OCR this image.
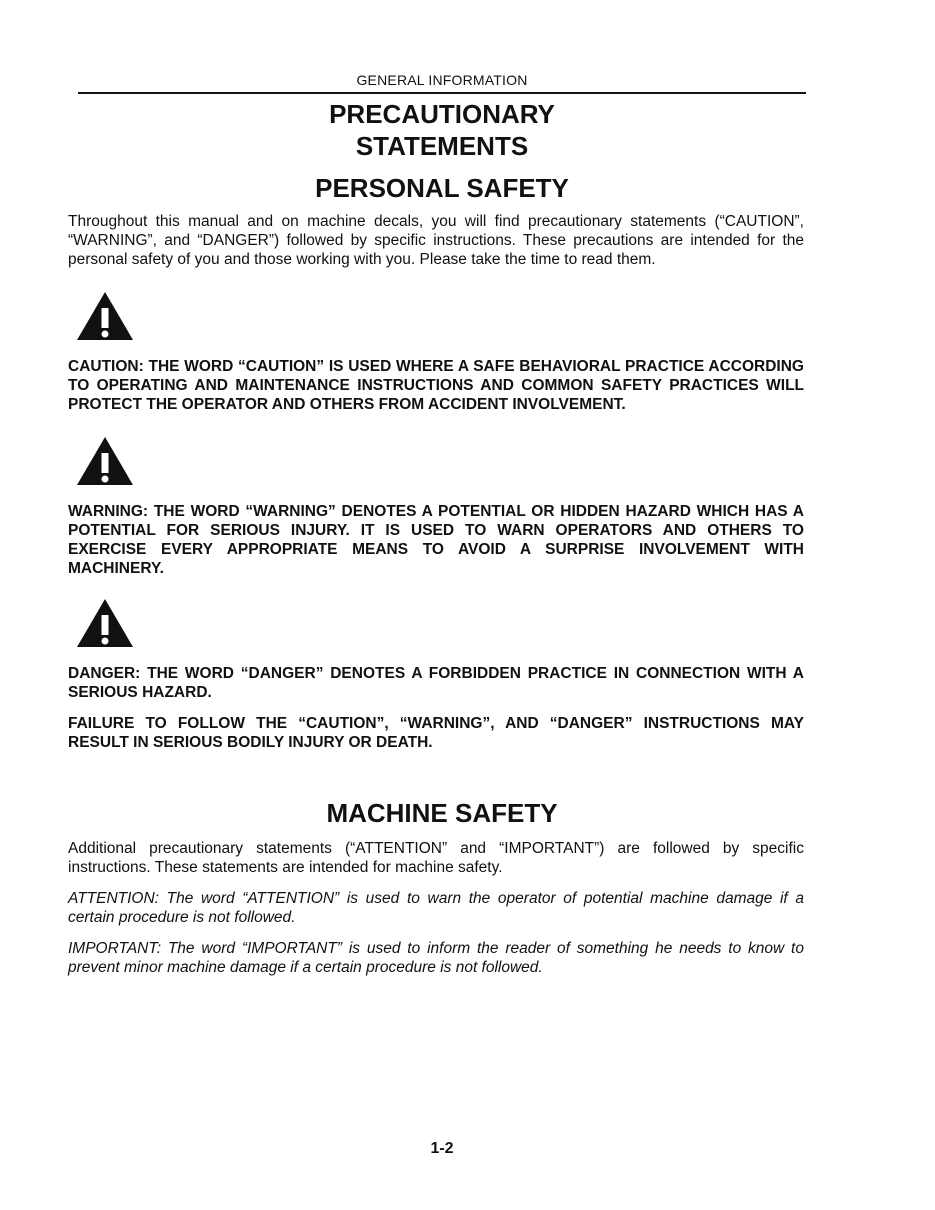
GENERAL INFORMATION
PRECAUTIONARY
STATEMENTS
PERSONAL SAFETY

Throughout this manual and on machine decals, you will find precautionary statements (“CAUTION”, “WARNING”, and “DANGER”) followed by specific instructions. These precautions are intended for the personal safety of you and those working with you. Please take the time to read them.

CAUTION: THE WORD “CAUTION” IS USED WHERE A SAFE BEHAVIORAL PRACTICE ACCORDING TO OPERATING AND MAINTENANCE INSTRUCTIONS AND COMMON SAFETY PRACTICES WILL PROTECT THE OPERATOR AND OTHERS FROM ACCIDENT INVOLVEMENT.

WARNING: THE WORD “WARNING” DENOTES A POTENTIAL OR HIDDEN HAZARD WHICH HAS A POTENTIAL FOR SERIOUS INJURY. IT IS USED TO WARN OPERATORS AND OTHERS TO EXERCISE EVERY APPROPRIATE MEANS TO AVOID A SURPRISE INVOLVEMENT WITH MACHINERY.

DANGER: THE WORD “DANGER” DENOTES A FORBIDDEN PRACTICE IN CONNECTION WITH A SERIOUS HAZARD.

FAILURE TO FOLLOW THE “CAUTION”, “WARNING”, AND “DANGER” INSTRUCTIONS MAY RESULT IN SERIOUS BODILY INJURY OR DEATH.

MACHINE SAFETY

Additional precautionary statements (“ATTENTION” and “IMPORTANT”) are followed by specific instructions. These statements are intended for machine safety.

ATTENTION: The word “ATTENTION” is used to warn the operator of potential machine damage if a certain procedure is not followed.

IMPORTANT: The word “IMPORTANT” is used to inform the reader of something he needs to know to prevent minor machine damage if a certain procedure is not followed.

1-2
